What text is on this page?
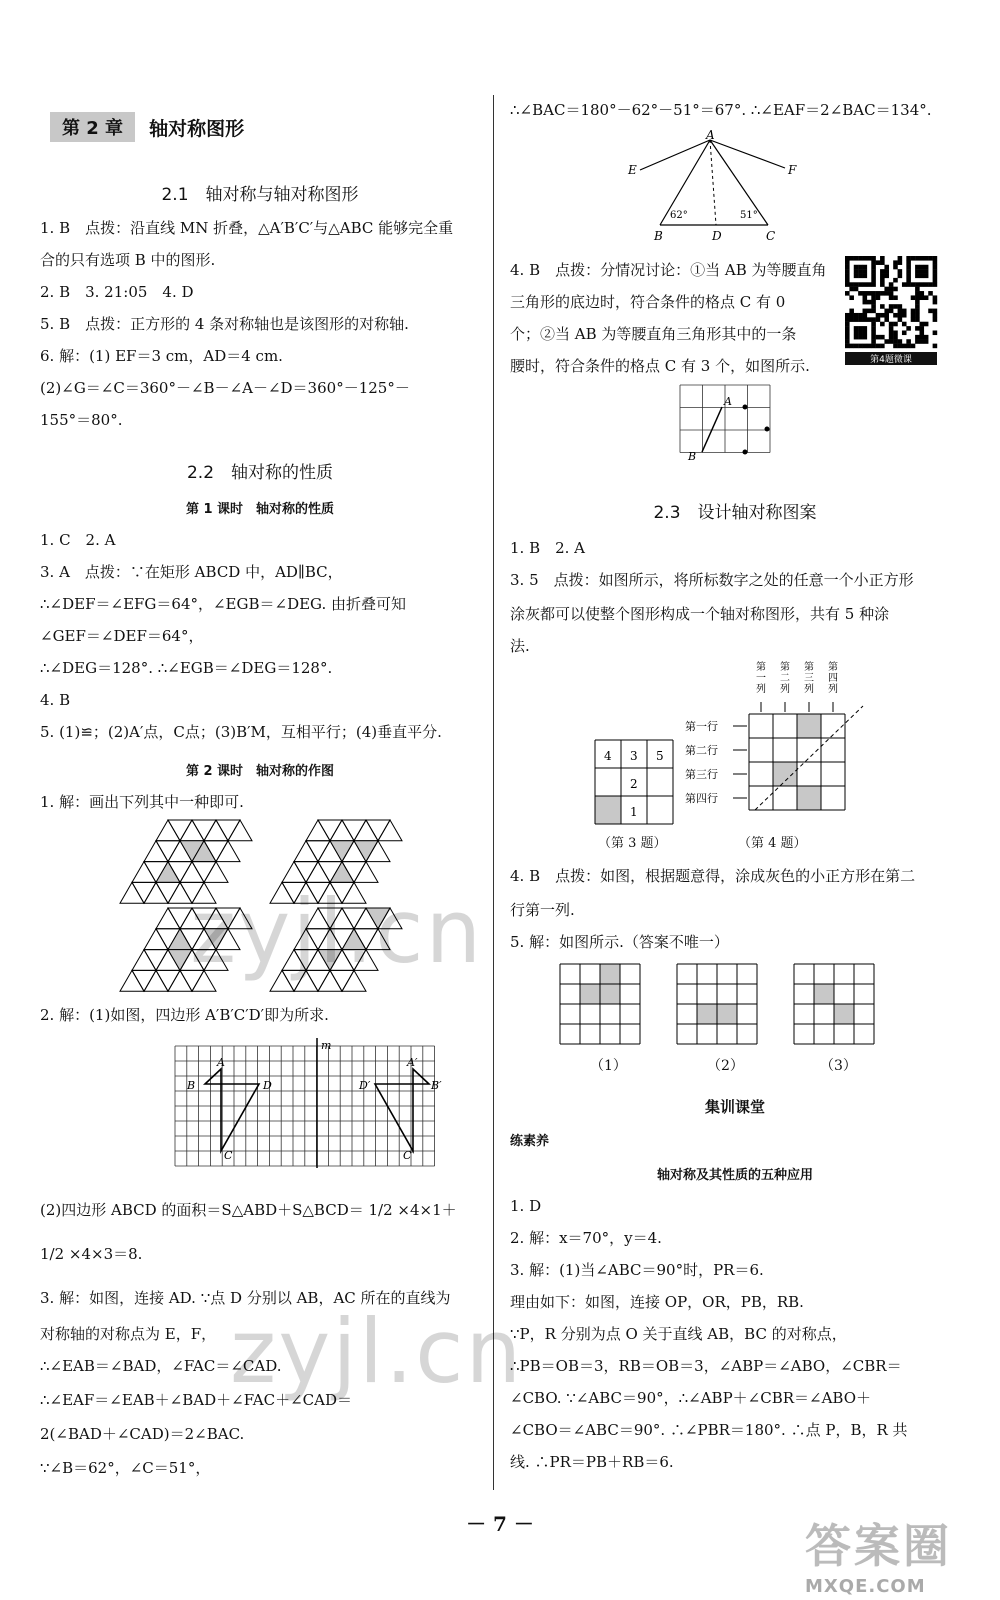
第 2 章	轴对称图形
2.1　轴对称与轴对称图形
1. B　点拨：沿直线 MN 折叠，△A′B′C′与△ABC 能够完全重
合的只有选项 B 中的图形.
2. B　3. 21:05　4. D
5. B　点拨：正方形的 4 条对称轴也是该图形的对称轴.
6. 解：(1) EF＝3 cm，AD＝4 cm.
(2)∠G＝∠C＝360°－∠B－∠A－∠D＝360°－125°－
155°＝80°.
2.2　轴对称的性质
第 1 课时　轴对称的性质
1. C　2. A
3. A　点拨：∵在矩形 ABCD 中，AD∥BC，
∴∠DEF＝∠EFG＝64°，∠EGB＝∠DEG. 由折叠可知
∠GEF＝∠DEF＝64°，
∴∠DEG＝128°. ∴∠EGB＝∠DEG＝128°.
4. B
5. (1)≌；(2)A′点，C点；(3)B′M，互相平行；(4)垂直平分.
第 2 课时　轴对称的作图
1. 解：画出下列其中一种即可.
2. 解：(1)如图，四边形 A′B′C′D′即为所求.
m
A
B
C
D
A′
B′
C′
D′
(2)四边形 ABCD 的面积＝S△ABD＋S△BCD＝ 1/2 ×4×1＋
1/2 ×4×3＝8.
3. 解：如图，连接 AD. ∵点 D 分别以 AB，AC 所在的直线为
对称轴的对称点为 E，F，
∴∠EAB＝∠BAD，∠FAC＝∠CAD.
∴∠EAF＝∠EAB＋∠BAD＋∠FAC＋∠CAD＝
2(∠BAD＋∠CAD)＝2∠BAC.
∵∠B＝62°，∠C＝51°，
∴∠BAC＝180°－62°－51°＝67°. ∴∠EAF＝2∠BAC＝134°.
A
B	C
D
E	F
62°	51°
4. B　点拨：分情况讨论：①当 AB 为等腰直角
三角形的底边时，符合条件的格点 C 有 0
个；②当 AB 为等腰直角三角形其中的一条
腰时，符合条件的格点 C 有 3 个，如图所示.
A
B
2.3　设计轴对称图案
1. B　2. A
3. 5　点拨：如图所示，将所标数字之处的任意一个小正方形
涂灰都可以使整个图形构成一个轴对称图形，共有 5 种涂
法.
4 3 5
2
1
（第 3 题）
第
一
列
第
二
列
第
三
列
第
四
列
第一行
第二行
第三行
第四行
（第 4 题）
4. B　点拨：如图，根据题意得，涂成灰色的小正方形在第二
行第一列.
5. 解：如图所示.（答案不唯一）
（1）	（2）	（3）
集训课堂
练素养
轴对称及其性质的五种应用
1. D
2. 解：x＝70°，y＝4.
3. 解：(1)当∠ABC＝90°时，PR＝6.
理由如下：如图，连接 OP，OR，PB，RB.
∵P，R 分别为点 O 关于直线 AB，BC 的对称点，
∴PB＝OB＝3，RB＝OB＝3，∠ABP＝∠ABO，∠CBR＝
∠CBO. ∵∠ABC＝90°，∴∠ABP＋∠CBR＝∠ABO＋
∠CBO＝∠ABC＝90°. ∴∠PBR＝180°. ∴点 P，B，R 共
线. ∴PR＝PB＋RB＝6.
第4题微课
－ 7 －
zyjl.cn
zyjl.cn
答案圈
MXQE.COM
